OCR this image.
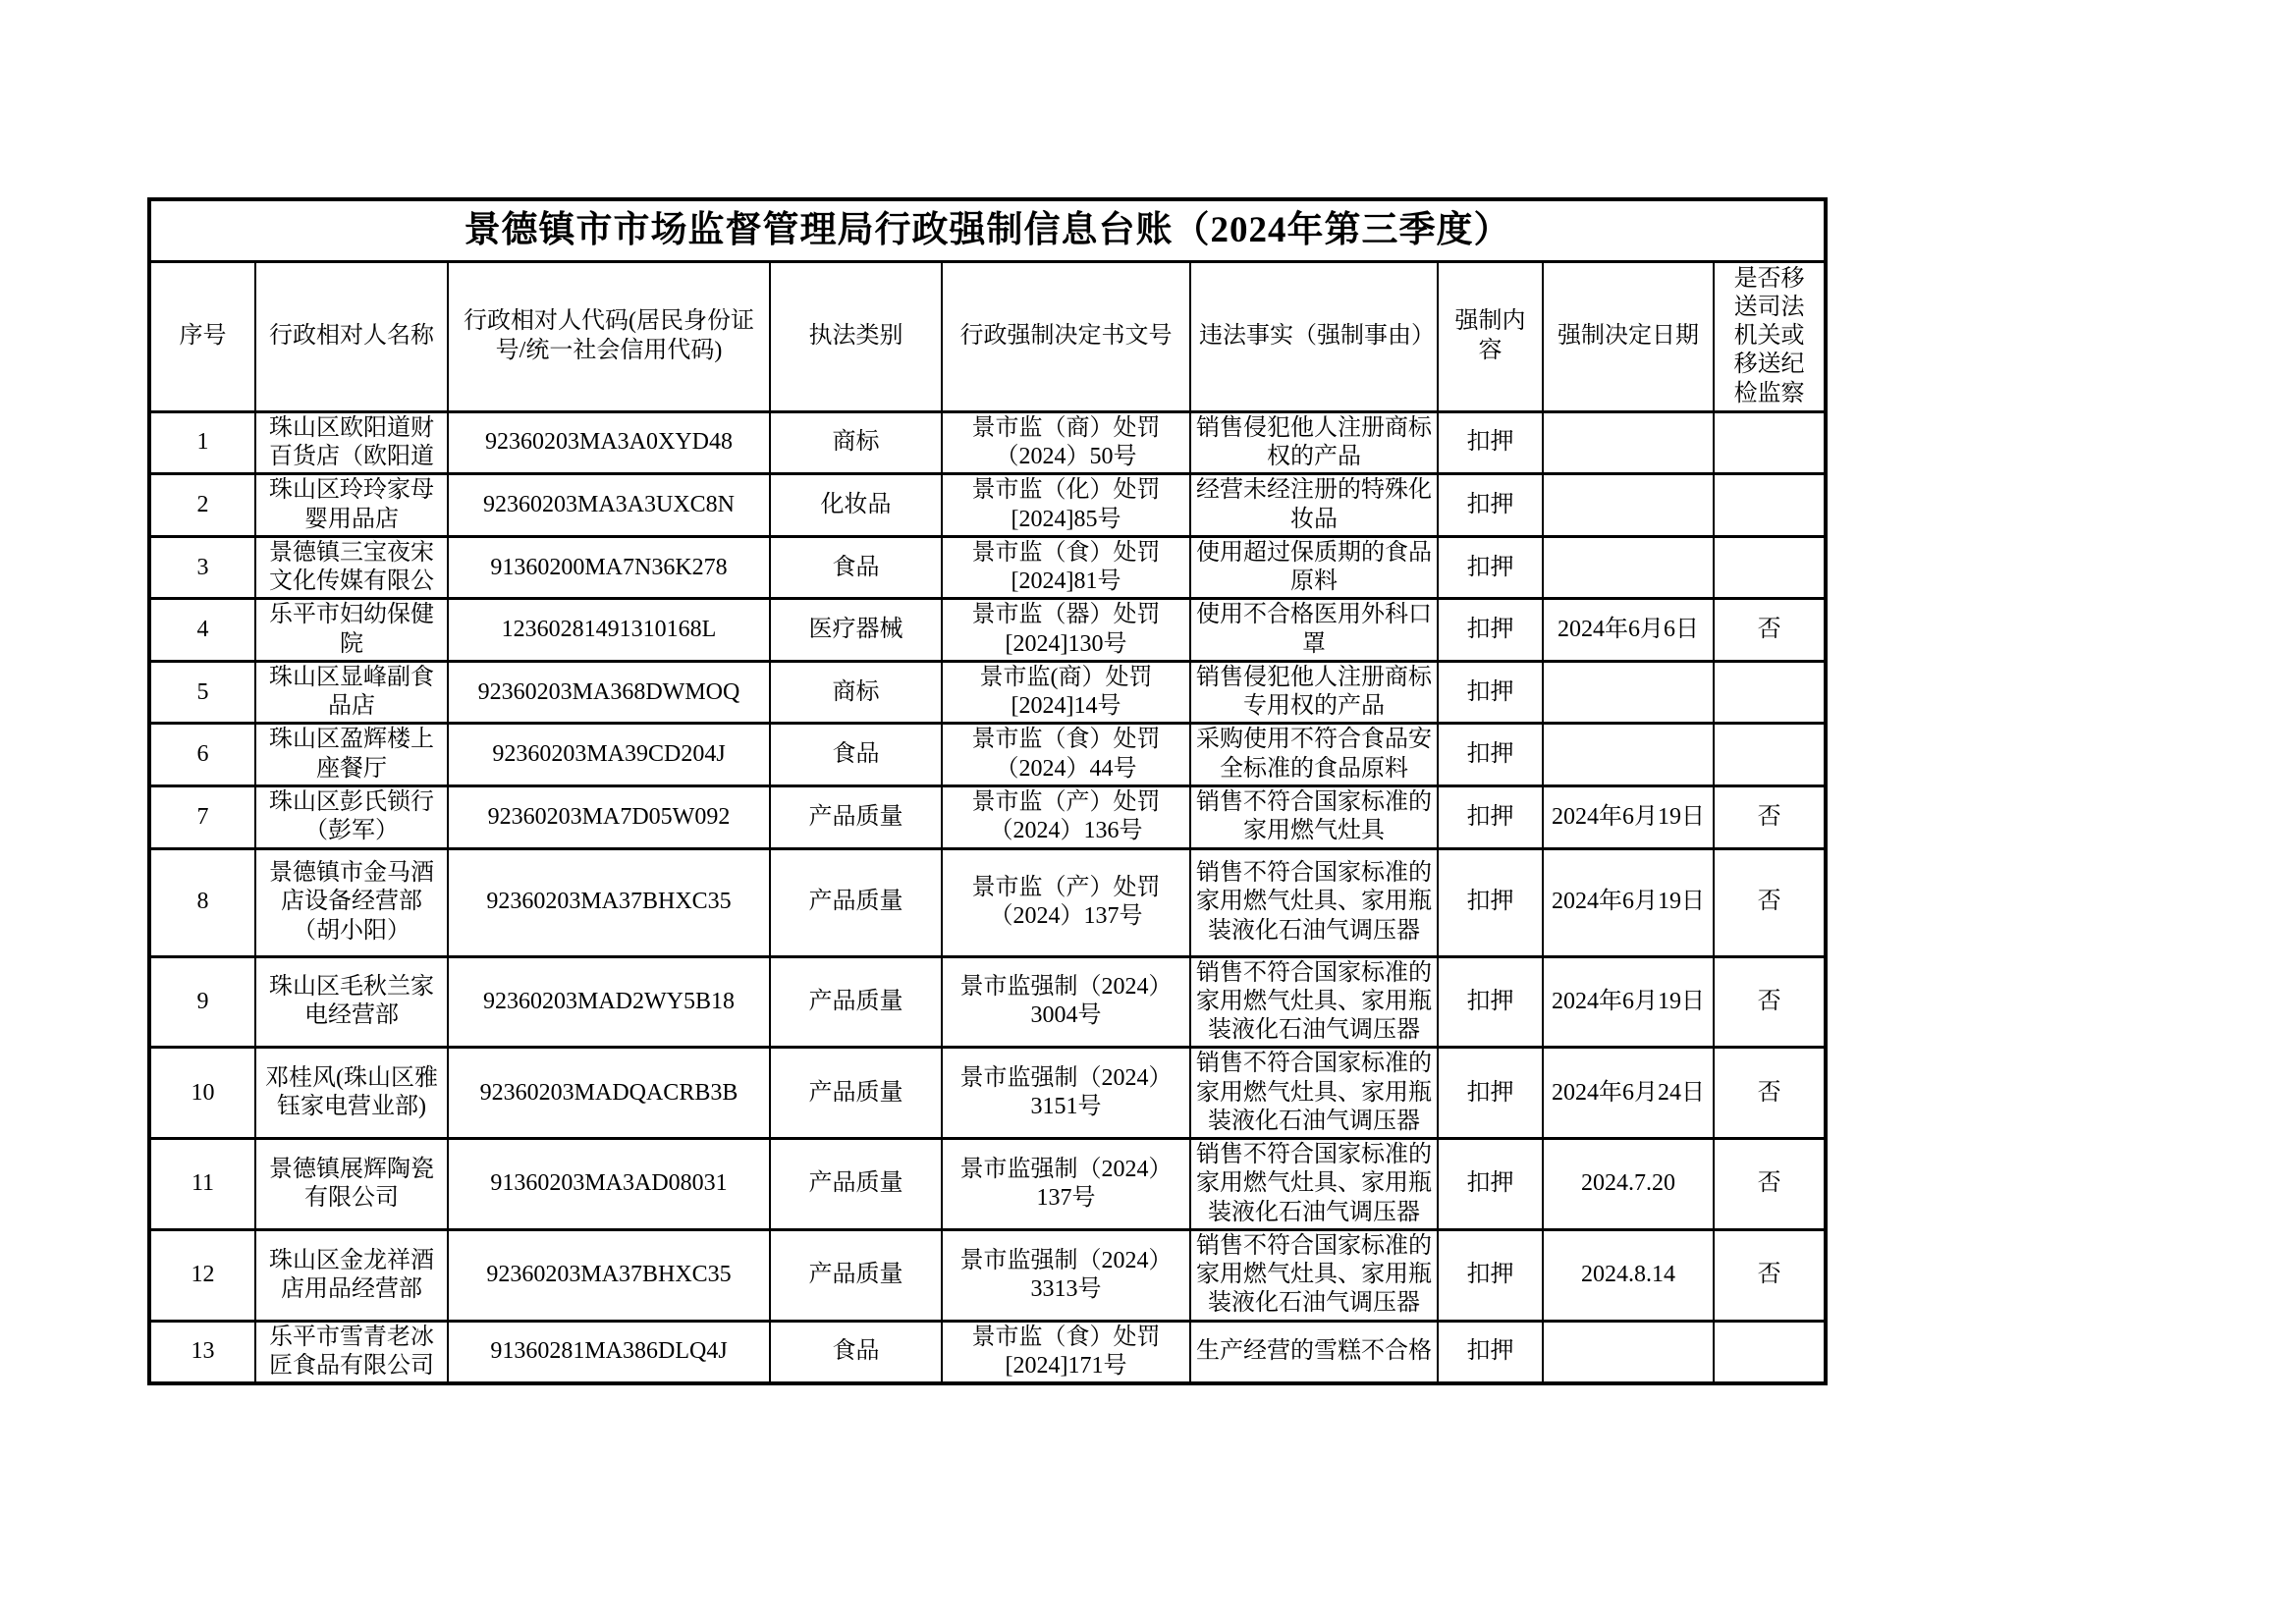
景德镇市市场监督管理局行政强制信息台账（2024年第三季度）								
序号	行政相对人名称	行政相对人代码(居民身份证号/统一社会信用代码)	执法类别	行政强制决定书文号	违法事实（强制事由）	强制内容	强制决定日期	是否移送司法机关或移送纪检监察

1	珠山区欧阳道财百货店（欧阳道	92360203MA3A0XYD48	商标	景市监（商）处罚（2024）50号	销售侵犯他人注册商标权的产品	扣押		
2	珠山区玲玲家母婴用品店	92360203MA3A3UXC8N	化妆品	景市监（化）处罚[2024]85号	经营未经注册的特殊化妆品	扣押		
3	景德镇三宝夜宋文化传媒有限公	91360200MA7N36K278	食品	景市监（食）处罚[2024]81号	使用超过保质期的食品原料	扣押		
4	乐平市妇幼保健院	12360281491310168L	医疗器械	景市监（器）处罚[2024]130号	使用不合格医用外科口罩	扣押	2024年6月6日	否
5	珠山区显峰副食品店	92360203MA368DWMOQ	商标	景市监(商）处罚[2024]14号	销售侵犯他人注册商标专用权的产品	扣押		
6	珠山区盈辉楼上座餐厅	92360203MA39CD204J	食品	景市监（食）处罚（2024）44号	采购使用不符合食品安全标准的食品原料	扣押		
7	珠山区彭氏锁行（彭军）	92360203MA7D05W092	产品质量	景市监（产）处罚（2024）136号	销售不符合国家标准的家用燃气灶具	扣押	2024年6月19日	否
8	景德镇市金马酒店设备经营部（胡小阳）	92360203MA37BHXC35	产品质量	景市监（产）处罚（2024）137号	销售不符合国家标准的家用燃气灶具、家用瓶装液化石油气调压器	扣押	2024年6月19日	否
9	珠山区毛秋兰家电经营部	92360203MAD2WY5B18	产品质量	景市监强制（2024）3004号	销售不符合国家标准的家用燃气灶具、家用瓶装液化石油气调压器	扣押	2024年6月19日	否
10	邓桂风(珠山区雅钰家电营业部)	92360203MADQACRB3B	产品质量	景市监强制（2024）3151号	销售不符合国家标准的家用燃气灶具、家用瓶装液化石油气调压器	扣押	2024年6月24日	否
11	景德镇展辉陶瓷有限公司	91360203MA3AD08031	产品质量	景市监强制（2024）137号	销售不符合国家标准的家用燃气灶具、家用瓶装液化石油气调压器	扣押	2024.7.20	否
12	珠山区金龙祥酒店用品经营部	92360203MA37BHXC35	产品质量	景市监强制（2024）3313号	销售不符合国家标准的家用燃气灶具、家用瓶装液化石油气调压器	扣押	2024.8.14	否
13	乐平市雪青老冰匠食品有限公司	91360281MA386DLQ4J	食品	景市监（食）处罚[2024]171号	生产经营的雪糕不合格	扣押		
